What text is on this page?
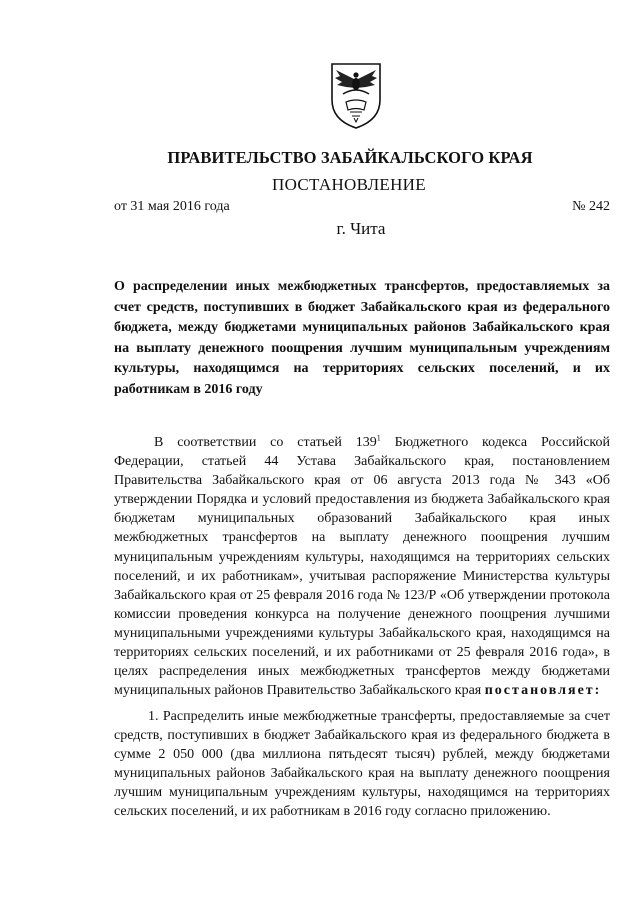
ПРАВИТЕЛЬСТВО ЗАБАЙКАЛЬСКОГО КРАЯ
ПОСТАНОВЛЕНИЕ
от 31 мая 2016 года	№ 242
г. Чита
О распределении иных межбюджетных трансфертов, предоставляемых за счет средств, поступивших в бюджет Забайкальского края из федерального бюджета, между бюджетами муниципальных районов Забайкальского края на выплату денежного поощрения лучшим муниципальным учреждениям культуры, находящимся на территориях сельских поселений, и их работникам в 2016 году
В соответствии со статьей $139^1$ Бюджетного кодекса Российской Федерации, статьей 44 Устава Забайкальского края, постановлением Правительства Забайкальского края от 06 августа 2013 года № 343 «Об утверждении Порядка и условий предоставления из бюджета Забайкальского края бюджетам муниципальных образований Забайкальского края иных межбюджетных трансфертов на выплату денежного поощрения лучшим муниципальным учреждениям культуры, находящимся на территориях сельских поселений, и их работникам», учитывая распоряжение Министерства культуры Забайкальского края от 25 февраля 2016 года № 123/Р «Об утверждении протокола комиссии проведения конкурса на получение денежного поощрения лучшими муниципальными учреждениями культуры Забайкальского края, находящимся на территориях сельских поселений, и их работниками от 25 февраля 2016 года», в целях распределения иных межбюджетных трансфертов между бюджетами муниципальных районов Правительство Забайкальского края постановляет:
1. Распределить иные межбюджетные трансферты, предоставляемые за счет средств, поступивших в бюджет Забайкальского края из федерального бюджета в сумме 2 050 000 (два миллиона пятьдесят тысяч) рублей, между бюджетами муниципальных районов Забайкальского края на выплату денежного поощрения лучшим муниципальным учреждениям культуры, находящимся на территориях сельских поселений, и их работникам в 2016 году согласно приложению.
